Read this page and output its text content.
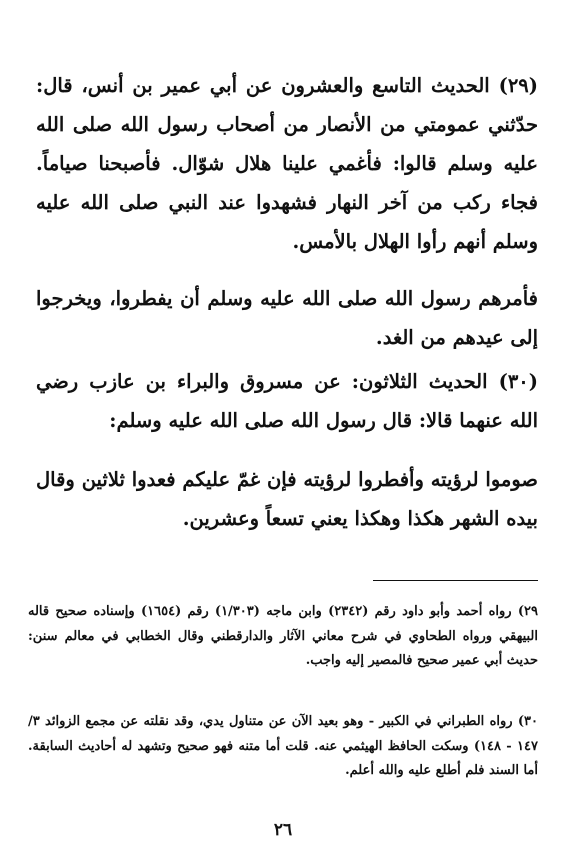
(٢٩) الحديث التاسع والعشرون عن أبي عمير بن أنس، قال: حدّثني عمومتي من الأنصار من أصحاب رسول الله صلى الله عليه وسلم قالوا: فأغمي علينا هلال شوّال. فأصبحنا صياماً. فجاء ركب من آخر النهار فشهدوا عند النبي صلى الله عليه وسلم أنهم رأوا الهلال بالأمس.

فأمرهم رسول الله صلى الله عليه وسلم أن يفطروا، ويخرجوا إلى عيدهم من الغد.

(٣٠) الحديث الثلاثون: عن مسروق والبراء بن عازب رضي الله عنهما قالا: قال رسول الله صلى الله عليه وسلم:

صوموا لرؤيته وأفطروا لرؤيته فإن غمّ عليكم فعدوا ثلاثين وقال بيده الشهر هكذا وهكذا يعني تسعاً وعشرين.

٢٩) رواه أحمد وأبو داود رقم (٢٣٤٢) وابن ماجه (١/٣٠٣) رقم (١٦٥٤) وإسناده صحيح قاله البيهقي ورواه الطحاوي في شرح معاني الآثار والدارقطني وقال الخطابي في معالم سنن: حديث أبي عمير صحيح فالمصير إليه واجب.

٣٠) رواه الطبراني في الكبير - وهو بعيد الآن عن متناول يدي، وقد نقلته عن مجمع الزوائد ٣/ ١٤٧ - ١٤٨) وسكت الحافظ الهيثمي عنه. قلت أما متنه فهو صحيح وتشهد له أحاديث السابقة. أما السند فلم أطلع عليه والله أعلم.

٢٦
